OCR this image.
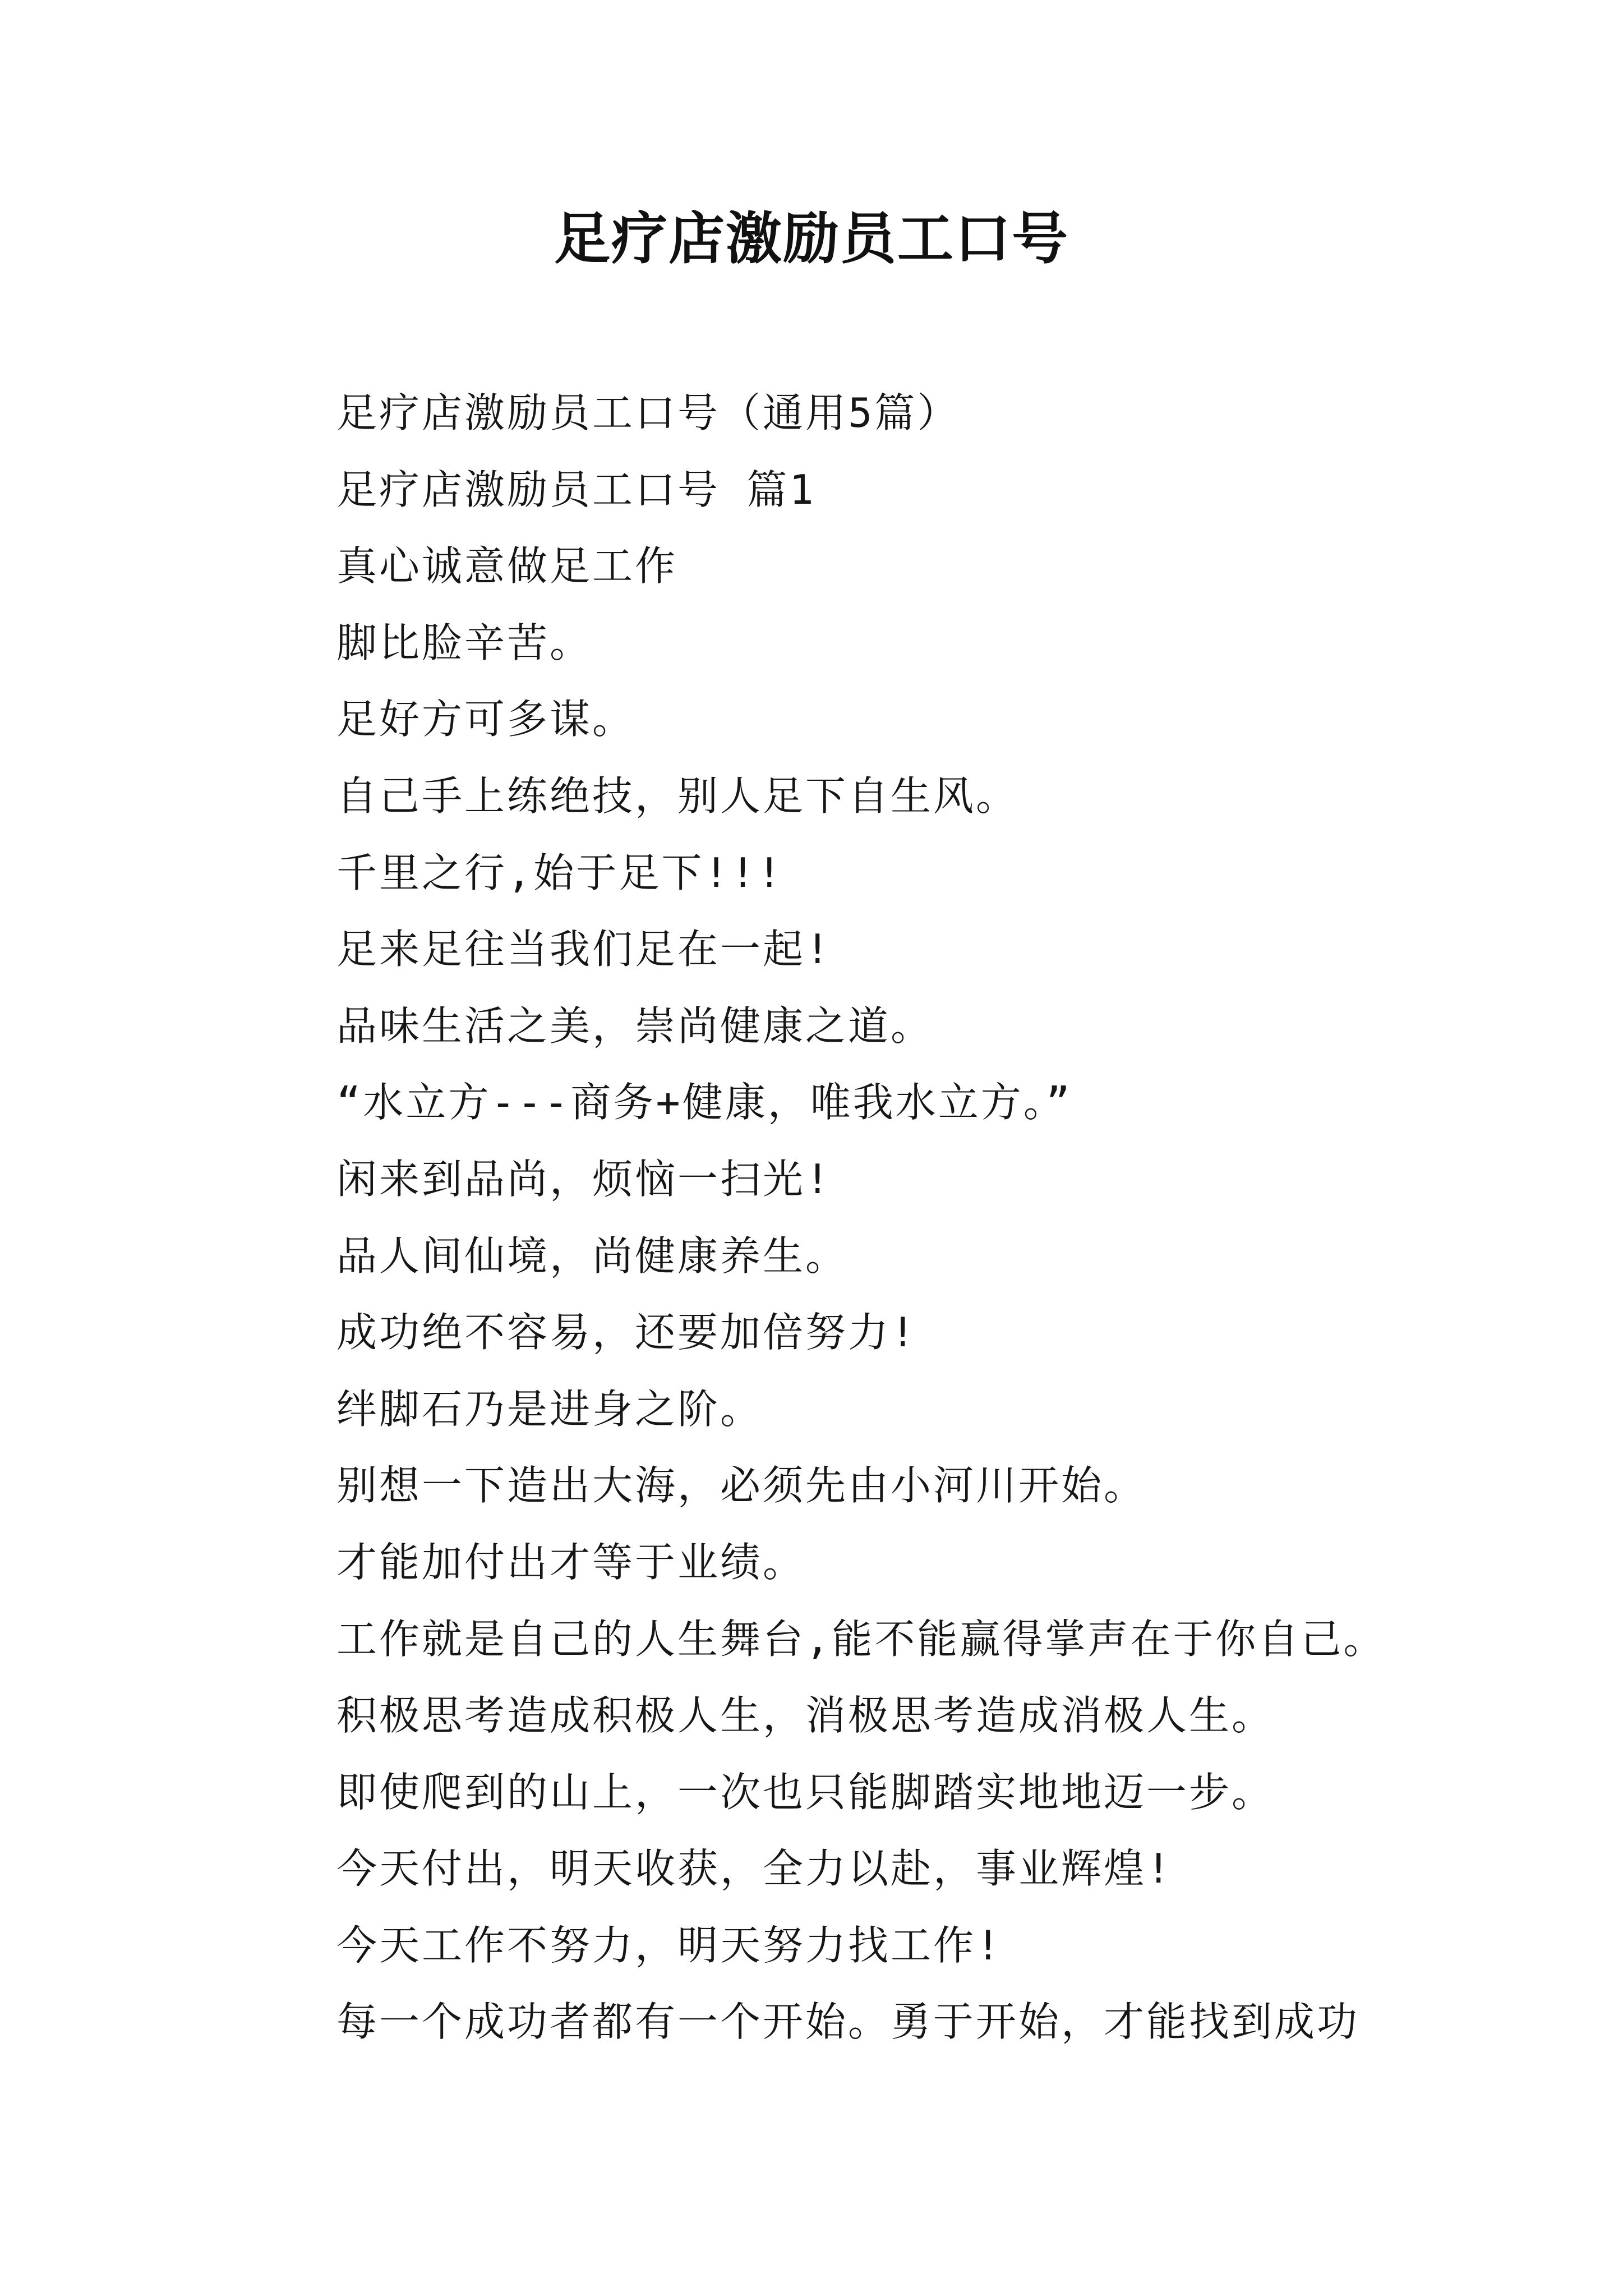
足疗店激励员工口号
足疗店激励员工口号（通用5篇）
足疗店激励员工口号 篇1
真心诚意做足工作
脚比脸辛苦。
足好方可多谋。
自己手上练绝技，别人足下自生风。
千里之行,始于足下!!!
足来足往当我们足在一起!
品味生活之美，崇尚健康之道。
“水立方---商务+健康，唯我水立方。”
闲来到品尚，烦恼一扫光!
品人间仙境，尚健康养生。
成功绝不容易，还要加倍努力!
绊脚石乃是进身之阶。
别想一下造出大海，必须先由小河川开始。
才能加付出才等于业绩。
工作就是自己的人生舞台,能不能赢得掌声在于你自己。
积极思考造成积极人生，消极思考造成消极人生。
即使爬到的山上，一次也只能脚踏实地地迈一步。
今天付出，明天收获，全力以赴，事业辉煌!
今天工作不努力，明天努力找工作!
每一个成功者都有一个开始。勇于开始，才能找到成功
